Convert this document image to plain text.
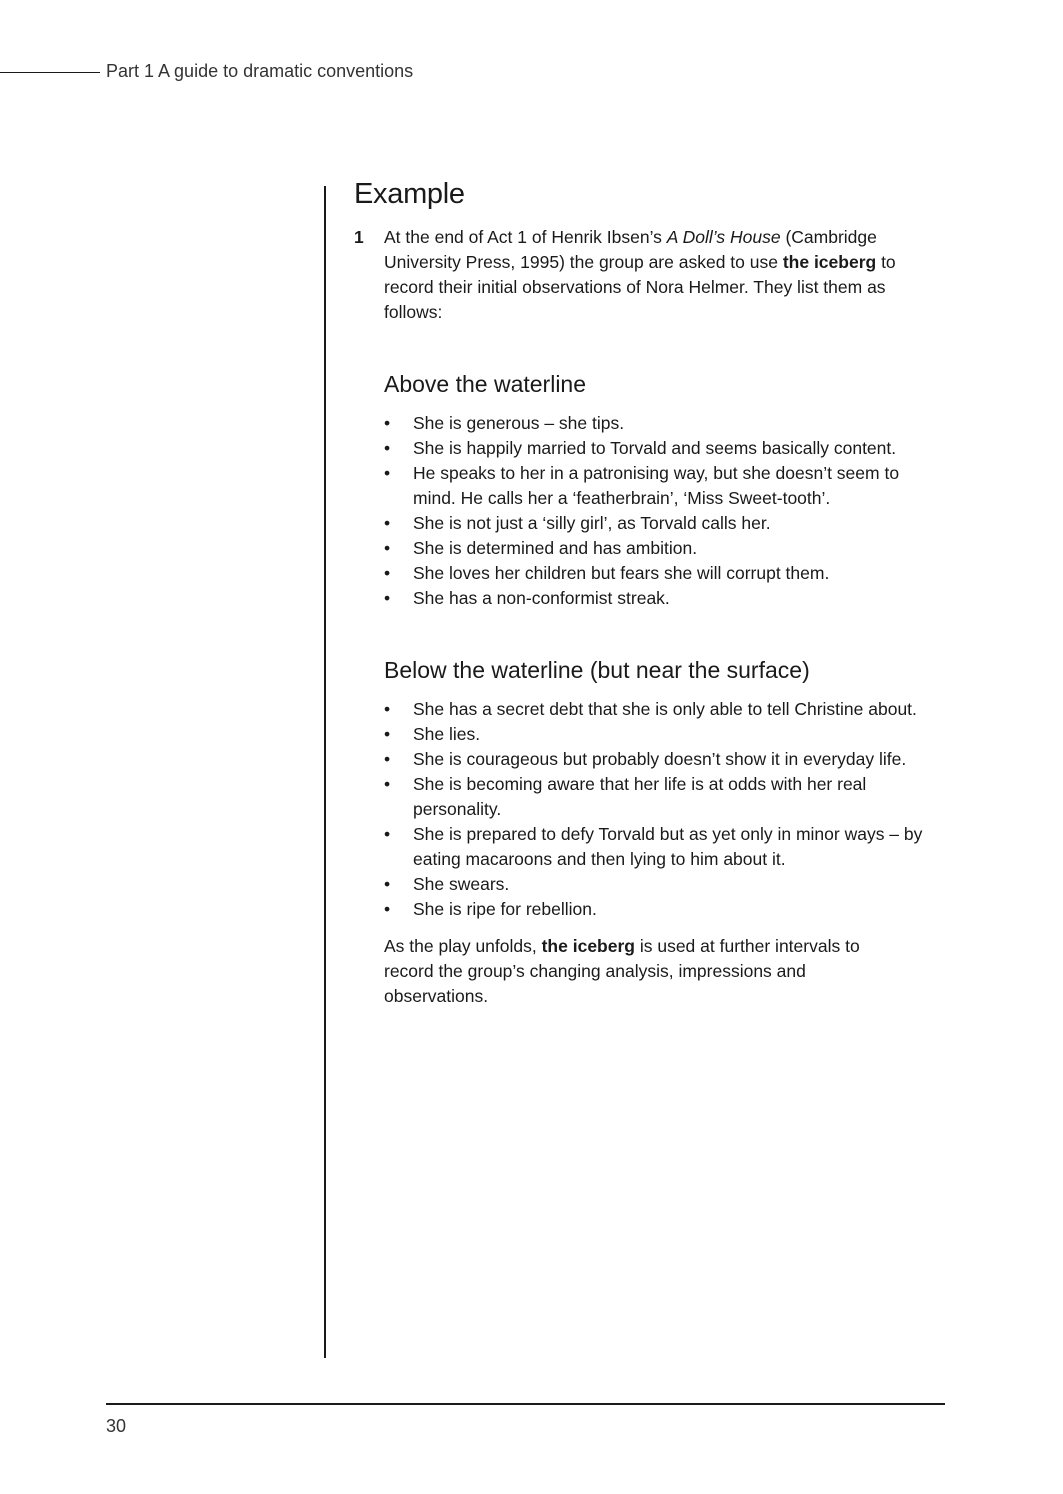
Part 1 A guide to dramatic conventions
Example
1	At the end of Act 1 of Henrik Ibsen’s A Doll’s House (Cambridge University Press, 1995) the group are asked to use the iceberg to record their initial observations of Nora Helmer. They list them as follows:

Above the waterline
• She is generous – she tips.
• She is happily married to Torvald and seems basically content.
• He speaks to her in a patronising way, but she doesn’t seem to mind. He calls her a ‘featherbrain’, ‘Miss Sweet-tooth’.
• She is not just a ‘silly girl’, as Torvald calls her.
• She is determined and has ambition.
• She loves her children but fears she will corrupt them.
• She has a non-conformist streak.
Below the waterline (but near the surface)
• She has a secret debt that she is only able to tell Christine about.
• She lies.
• She is courageous but probably doesn’t show it in everyday life.
• She is becoming aware that her life is at odds with her real personality.
• She is prepared to defy Torvald but as yet only in minor ways – by eating macaroons and then lying to him about it.
• She swears.
• She is ripe for rebellion.

As the play unfolds, the iceberg is used at further intervals to record the group’s changing analysis, impressions and observations.

30
